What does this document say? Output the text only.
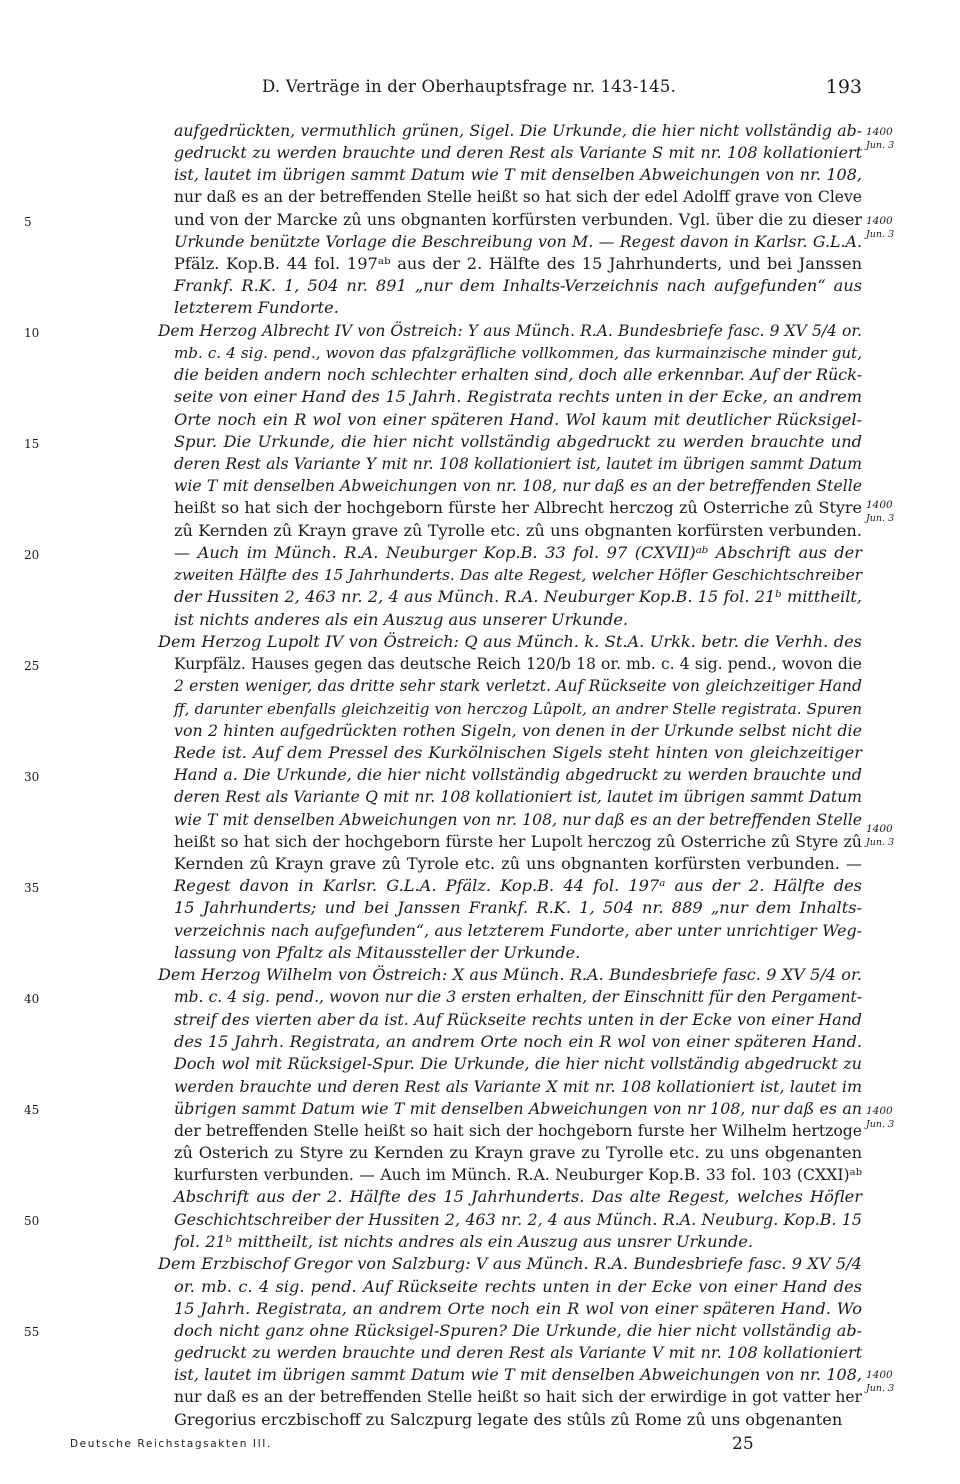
D. Verträge in der Oberhauptsfrage nr. 143-145.	193
aufgedrückten, vermuthlich grünen, Sigel. Die Urkunde, die hier nicht vollständig ab-
gedruckt zu werden brauchte und deren Rest als Variante S mit nr. 108 kollationiert
ist, lautet im übrigen sammt Datum wie T mit denselben Abweichungen von nr. 108,
nur daß es an der betreffenden Stelle heißt so hat sich der edel Adolff grave von Cleve
und von der Marcke zû uns obgnanten korfürsten verbunden. Vgl. über die zu dieser
Urkunde benützte Vorlage die Beschreibung von M. — Regest davon in Karlsr. G.L.A.
Pfälz. Kop.B. 44 fol. 197ᵃᵇ aus der 2. Hälfte des 15 Jahrhunderts, und bei Janssen
Frankf. R.K. 1, 504 nr. 891 „nur dem Inhalts-Verzeichnis nach aufgefunden“ aus
letzterem Fundorte.
Dem Herzog Albrecht IV von Östreich: Y aus Münch. R.A. Bundesbriefe fasc. 9 XV 5/4 or.
mb. c. 4 sig. pend., wovon das pfalzgräfliche vollkommen, das kurmainzische minder gut,
die beiden andern noch schlechter erhalten sind, doch alle erkennbar. Auf der Rück-
seite von einer Hand des 15 Jahrh. Registrata rechts unten in der Ecke, an andrem
Orte noch ein R wol von einer späteren Hand. Wol kaum mit deutlicher Rücksigel-
Spur. Die Urkunde, die hier nicht vollständig abgedruckt zu werden brauchte und
deren Rest als Variante Y mit nr. 108 kollationiert ist, lautet im übrigen sammt Datum
wie T mit denselben Abweichungen von nr. 108, nur daß es an der betreffenden Stelle
heißt so hat sich der hochgeborn fürste her Albrecht herczog zû Osterriche zû Styre
zû Kernden zû Krayn grave zû Tyrolle etc. zû uns obgnanten korfürsten verbunden.
— Auch im Münch. R.A. Neuburger Kop.B. 33 fol. 97 (CXVII)ᵃᵇ Abschrift aus der
zweiten Hälfte des 15 Jahrhunderts. Das alte Regest, welcher Höfler Geschichtschreiber
der Hussiten 2, 463 nr. 2, 4 aus Münch. R.A. Neuburger Kop.B. 15 fol. 21ᵇ mittheilt,
ist nichts anderes als ein Auszug aus unserer Urkunde.
Dem Herzog Lupolt IV von Östreich: Q aus Münch. k. St.A. Urkk. betr. die Verhh. des
Kurpfälz. Hauses gegen das deutsche Reich 120/b 18 or. mb. c. 4 sig. pend., wovon die
2 ersten weniger, das dritte sehr stark verletzt. Auf Rückseite von gleichzeitiger Hand
ff, darunter ebenfalls gleichzeitig von herczog Lûpolt, an andrer Stelle registrata. Spuren
von 2 hinten aufgedrückten rothen Sigeln, von denen in der Urkunde selbst nicht die
Rede ist. Auf dem Pressel des Kurkölnischen Sigels steht hinten von gleichzeitiger
Hand a. Die Urkunde, die hier nicht vollständig abgedruckt zu werden brauchte und
deren Rest als Variante Q mit nr. 108 kollationiert ist, lautet im übrigen sammt Datum
wie T mit denselben Abweichungen von nr. 108, nur daß es an der betreffenden Stelle
heißt so hat sich der hochgeborn fürste her Lupolt herczog zû Osterriche zû Styre zû
Kernden zû Krayn grave zû Tyrole etc. zû uns obgnanten korfürsten verbunden. —
Regest davon in Karlsr. G.L.A. Pfälz. Kop.B. 44 fol. 197ᵃ aus der 2. Hälfte des
15 Jahrhunderts; und bei Janssen Frankf. R.K. 1, 504 nr. 889 „nur dem Inhalts-
verzeichnis nach aufgefunden“, aus letzterem Fundorte, aber unter unrichtiger Weg-
lassung von Pfaltz als Mitaussteller der Urkunde.
Dem Herzog Wilhelm von Östreich: X aus Münch. R.A. Bundesbriefe fasc. 9 XV 5/4 or.
mb. c. 4 sig. pend., wovon nur die 3 ersten erhalten, der Einschnitt für den Pergament-
streif des vierten aber da ist. Auf Rückseite rechts unten in der Ecke von einer Hand
des 15 Jahrh. Registrata, an andrem Orte noch ein R wol von einer späteren Hand.
Doch wol mit Rücksigel-Spur. Die Urkunde, die hier nicht vollständig abgedruckt zu
werden brauchte und deren Rest als Variante X mit nr. 108 kollationiert ist, lautet im
übrigen sammt Datum wie T mit denselben Abweichungen von nr 108, nur daß es an
der betreffenden Stelle heißt so hait sich der hochgeborn furste her Wilhelm hertzoge
zû Osterich zu Styre zu Kernden zu Krayn grave zu Tyrolle etc. zu uns obgenanten
kurfursten verbunden. — Auch im Münch. R.A. Neuburger Kop.B. 33 fol. 103 (CXXI)ᵃᵇ
Abschrift aus der 2. Hälfte des 15 Jahrhunderts. Das alte Regest, welches Höfler
Geschichtschreiber der Hussiten 2, 463 nr. 2, 4 aus Münch. R.A. Neuburg. Kop.B. 15
fol. 21ᵇ mittheilt, ist nichts andres als ein Auszug aus unsrer Urkunde.
Dem Erzbischof Gregor von Salzburg: V aus Münch. R.A. Bundesbriefe fasc. 9 XV 5/4
or. mb. c. 4 sig. pend. Auf Rückseite rechts unten in der Ecke von einer Hand des
15 Jahrh. Registrata, an andrem Orte noch ein R wol von einer späteren Hand. Wo
doch nicht ganz ohne Rücksigel-Spuren? Die Urkunde, die hier nicht vollständig ab-
gedruckt zu werden brauchte und deren Rest als Variante V mit nr. 108 kollationiert
ist, lautet im übrigen sammt Datum wie T mit denselben Abweichungen von nr. 108,
nur daß es an der betreffenden Stelle heißt so hait sich der erwirdige in got vatter her
Gregorius erczbischoff zu Salczpurg legate des stûls zû Rome zû uns obgenanten
5
10
15
20
25
30
35
40
45
50
55
1400
Jun. 3
1400
Jun. 3
1400
Jun. 3
1400
Jun. 3
1400
Jun. 3
1400
Jun. 3
Deutsche Reichstagsakten III.	25
